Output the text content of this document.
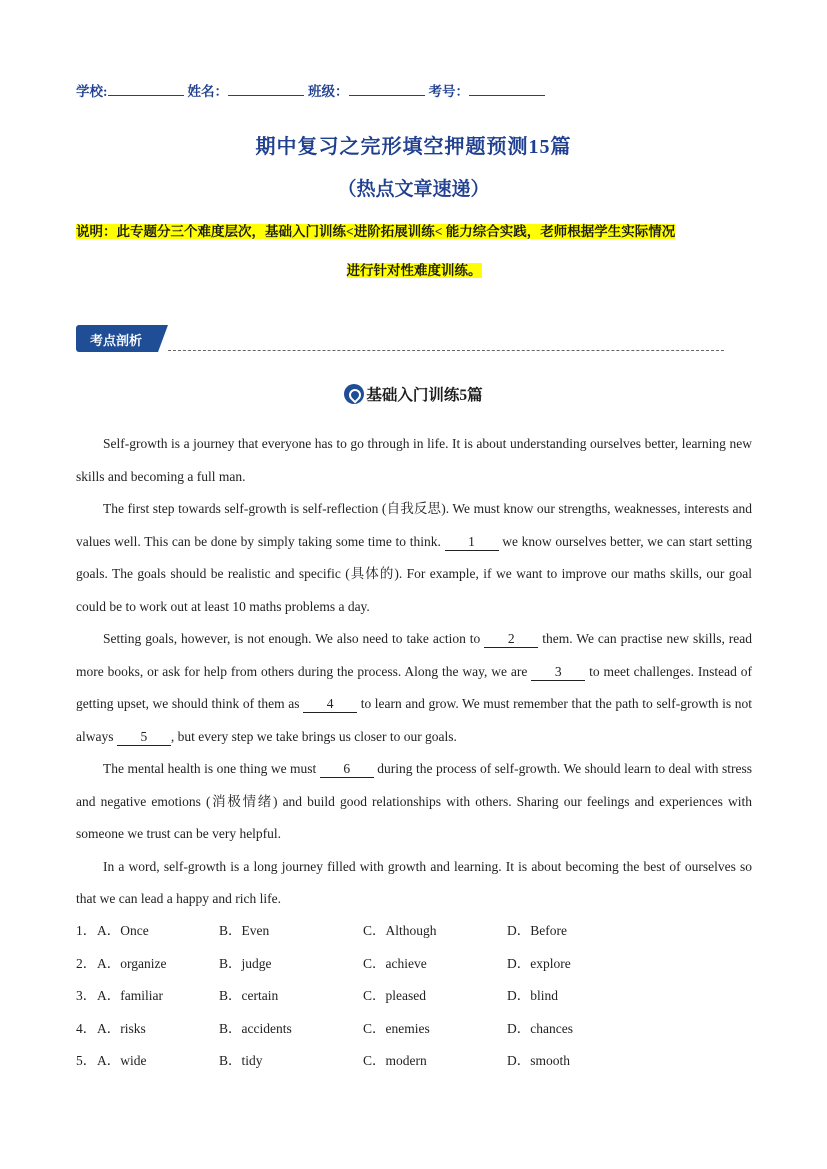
学校:	姓名：	班级：	考号：
期中复习之完形填空押题预测15篇
（热点文章速递）
说明：此专题分三个难度层次，基础入门训练<进阶拓展训练< 能力综合实践，老师根据学生实际情况
进行针对性难度训练。
考点剖析
基础入门训练5篇

Self-growth is a journey that everyone has to go through in life. It is about understanding ourselves better, learning new skills and becoming a full man.

The first step towards self-growth is self-reflection (自我反思). We must know our strengths, weaknesses, interests and values well. This can be done by simply taking some time to think. 1 we know ourselves better, we can start setting goals. The goals should be realistic and specific (具体的). For example, if we want to improve our maths skills, our goal could be to work out at least 10 maths problems a day.

Setting goals, however, is not enough. We also need to take action to 2 them. We can practise new skills, read more books, or ask for help from others during the process. Along the way, we are 3 to meet challenges. Instead of getting upset, we should think of them as 4 to learn and grow. We must remember that the path to self-growth is not always 5 , but every step we take brings us closer to our goals.

The mental health is one thing we must 6 during the process of self-growth. We should learn to deal with stress and negative emotions (消极情绪) and build good relationships with others. Sharing our feelings and experiences with someone we trust can be very helpful.

In a word, self-growth is a long journey filled with growth and learning. It is about becoming the best of ourselves so that we can lead a happy and rich life.

1． A．Once	B．Even	C．Although	D．Before
2． A．organize	B．judge	C．achieve	D．explore
3． A．familiar	B．certain	C．pleased	D．blind
4． A．risks	B．accidents	C．enemies	D．chances
5． A．wide	B．tidy	C．modern	D．smooth
